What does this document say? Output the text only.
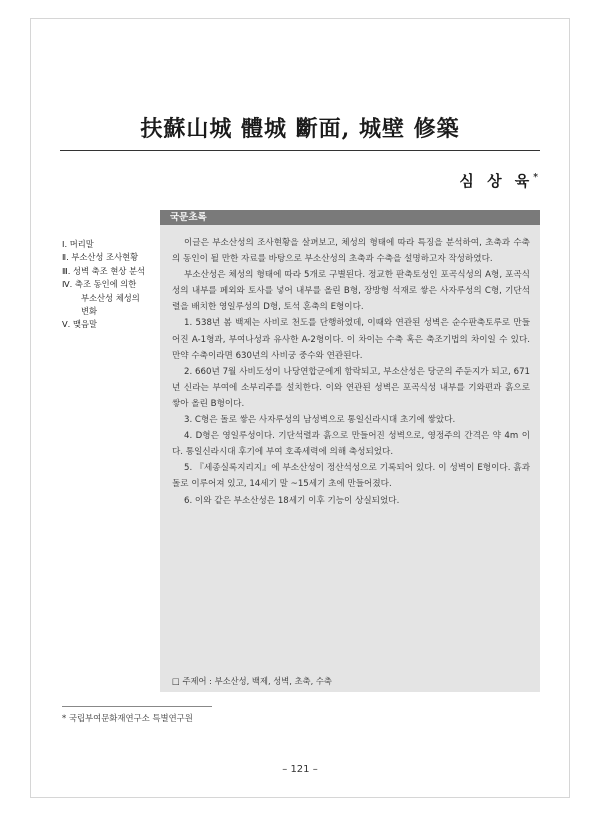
扶蘇山城 體城 斷面, 城壁 修築
심 상 육*
Ⅰ. 머리말
Ⅱ. 부소산성 조사현황
Ⅲ. 성벽 축조 현상 분석
Ⅳ. 축조 동인에 의한
부소산성 체성의
변화
Ⅴ. 맺음말
국문초록

이글은 부소산성의 조사현황을 살펴보고, 체성의 형태에 따라 특징을 분석하여, 초축과 수축의 동인이 될 만한 자료를 바탕으로 부소산성의 초축과 수축을 설명하고자 작성하였다.

부소산성은 체성의 형태에 따라 5개로 구별된다. 정교한 판축토성인 포곡식성의 A형, 포곡식성의 내부를 페외와 토사를 넣어 내부를 올린 B형, 장방형 석재로 쌓은 사자루성의 C형, 기단석렬을 배치한 영일루성의 D형, 토석 혼축의 E형이다.

1. 538년 봄 백제는 사비로 천도를 단행하였데, 이때와 연관된 성벽은 순수판축토루로 만들어진 A-1형과, 부여나성과 유사한 A-2형이다. 이 차이는 수축 혹은 축조기법의 차이일 수 있다. 만약 수축이라면 630년의 사비궁 중수와 연관된다.

2. 660년 7월 사비도성이 나당연합군에게 함락되고, 부소산성은 당군의 주둔지가 되고, 671년 신라는 부여에 소부리주를 설치한다. 이와 연관된 성벽은 포곡식성 내부를 기와편과 흙으로 쌓아 올린 B형이다.

3. C형은 돌로 쌓은 사자루성의 남성벽으로 통일신라시대 초기에 쌓았다.

4. D형은 영일루성이다. 기단석렬과 흙으로 만들어진 성벽으로, 영정주의 간격은 약 4m 이다. 통일신라시대 후기에 부여 호족세력에 의해 축성되었다.

5. 『세종실록지리지』에 부소산성이 정산석성으로 기록되어 있다. 이 성벽이 E형이다. 흙과 돌로 이루어져 있고, 14세기 말 ~15세기 초에 만들어졌다.

6. 이와 같은 부소산성은 18세기 이후 기능이 상실되었다.

□ 주제어 : 부소산성, 백제, 성벽, 초축, 수축
* 국립부여문화재연구소 특별연구원
– 121 –
